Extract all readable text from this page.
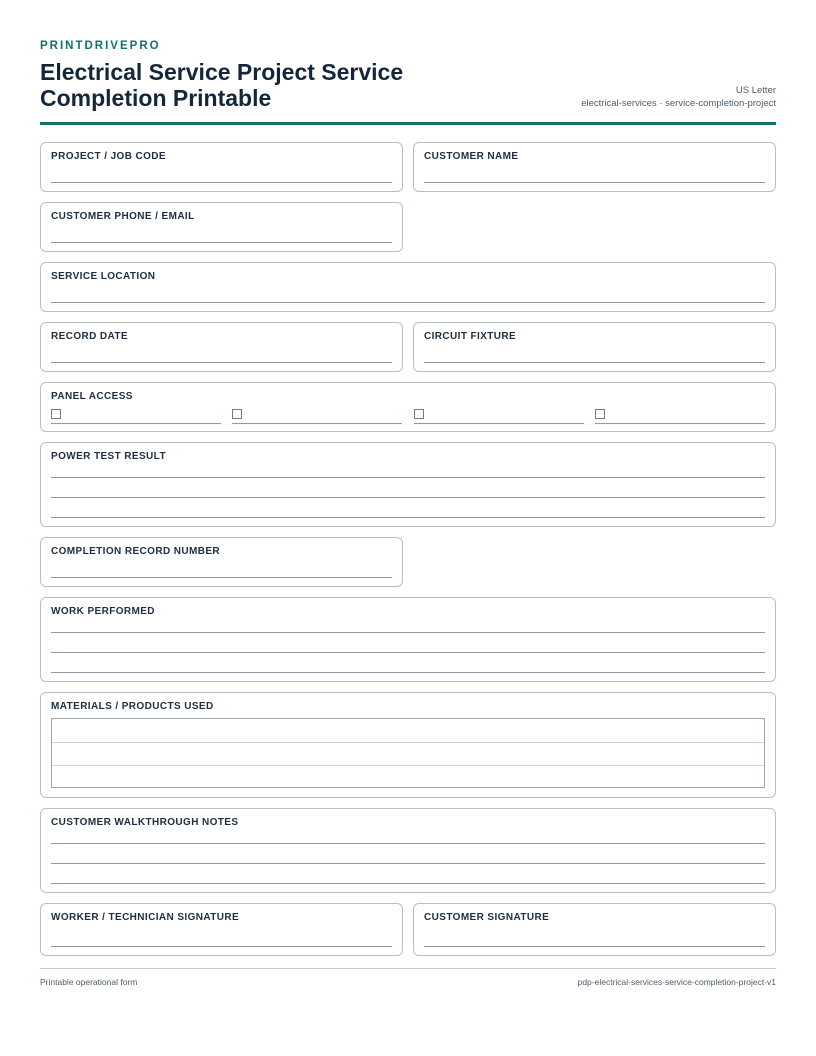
PRINTDRIVEPRO
Electrical Service Project Service Completion Printable	US Letter
electrical-services · service-completion-project
PROJECT / JOB CODE	CUSTOMER NAME
CUSTOMER PHONE / EMAIL
SERVICE LOCATION
RECORD DATE	CIRCUIT FIXTURE
PANEL ACCESS
POWER TEST RESULT
COMPLETION RECORD NUMBER
WORK PERFORMED
MATERIALS / PRODUCTS USED
CUSTOMER WALKTHROUGH NOTES
WORKER / TECHNICIAN SIGNATURE	CUSTOMER SIGNATURE
Printable operational form	pdp-electrical-services-service-completion-project-v1
